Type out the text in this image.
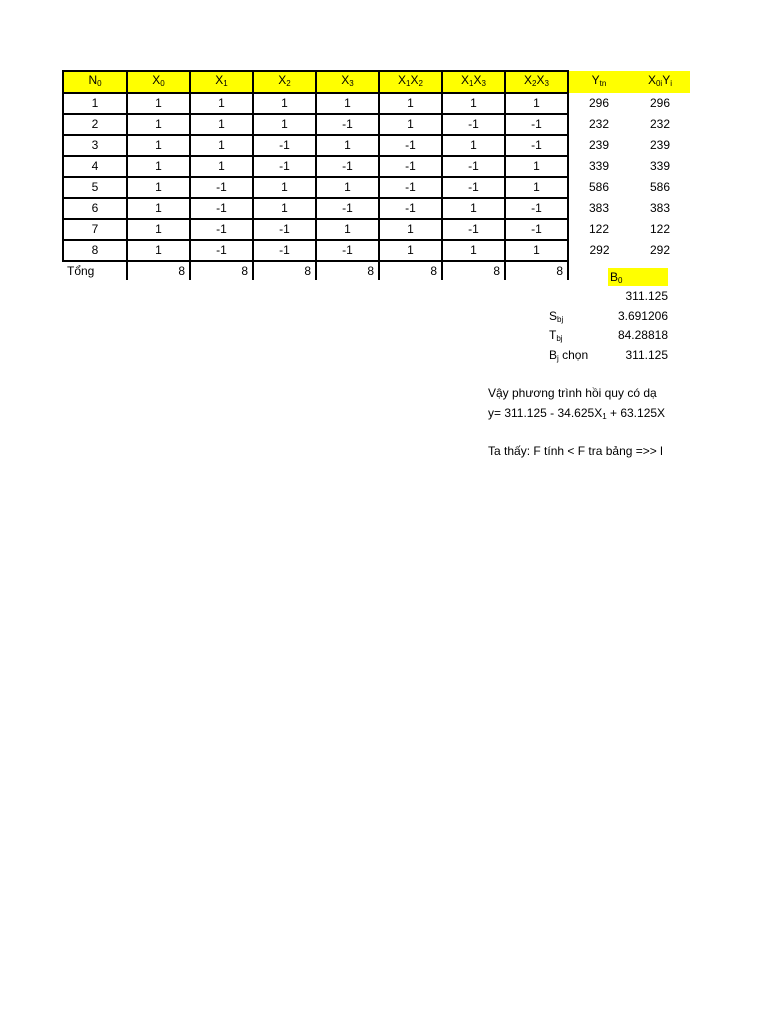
$N_0$	$X_0$	$X_1$	$X_2$	$X_3$	$X_1X_2$	$X_1X_3$	$X_2X_3$	$Y_{tn}$	$X_{0i}Y_i$
1	1	1	1	1	1	1	1	296	296
2	1	1	1	-1	1	-1	-1	232	232
3	1	1	-1	1	-1	1	-1	239	239
4	1	1	-1	-1	-1	-1	1	339	339
5	1	-1	1	1	-1	-1	1	586	586
6	1	-1	1	-1	-1	1	-1	383	383
7	1	-1	-1	1	1	-1	-1	122	122
8	1	-1	-1	-1	1	1	1	292	292
Tổng	8	8	8	8	8	8	8			$B_0$
311.125
$S_{bj}$	3.691206
$T_{bj}$	84.28818
$B_j$ chọn	311.125
Vậy phương trình hồi quy có dạ
$y= 311.125 - 34.625X_1 + 63.125X$
Ta thấy: F tính < F tra bảng =>> l
